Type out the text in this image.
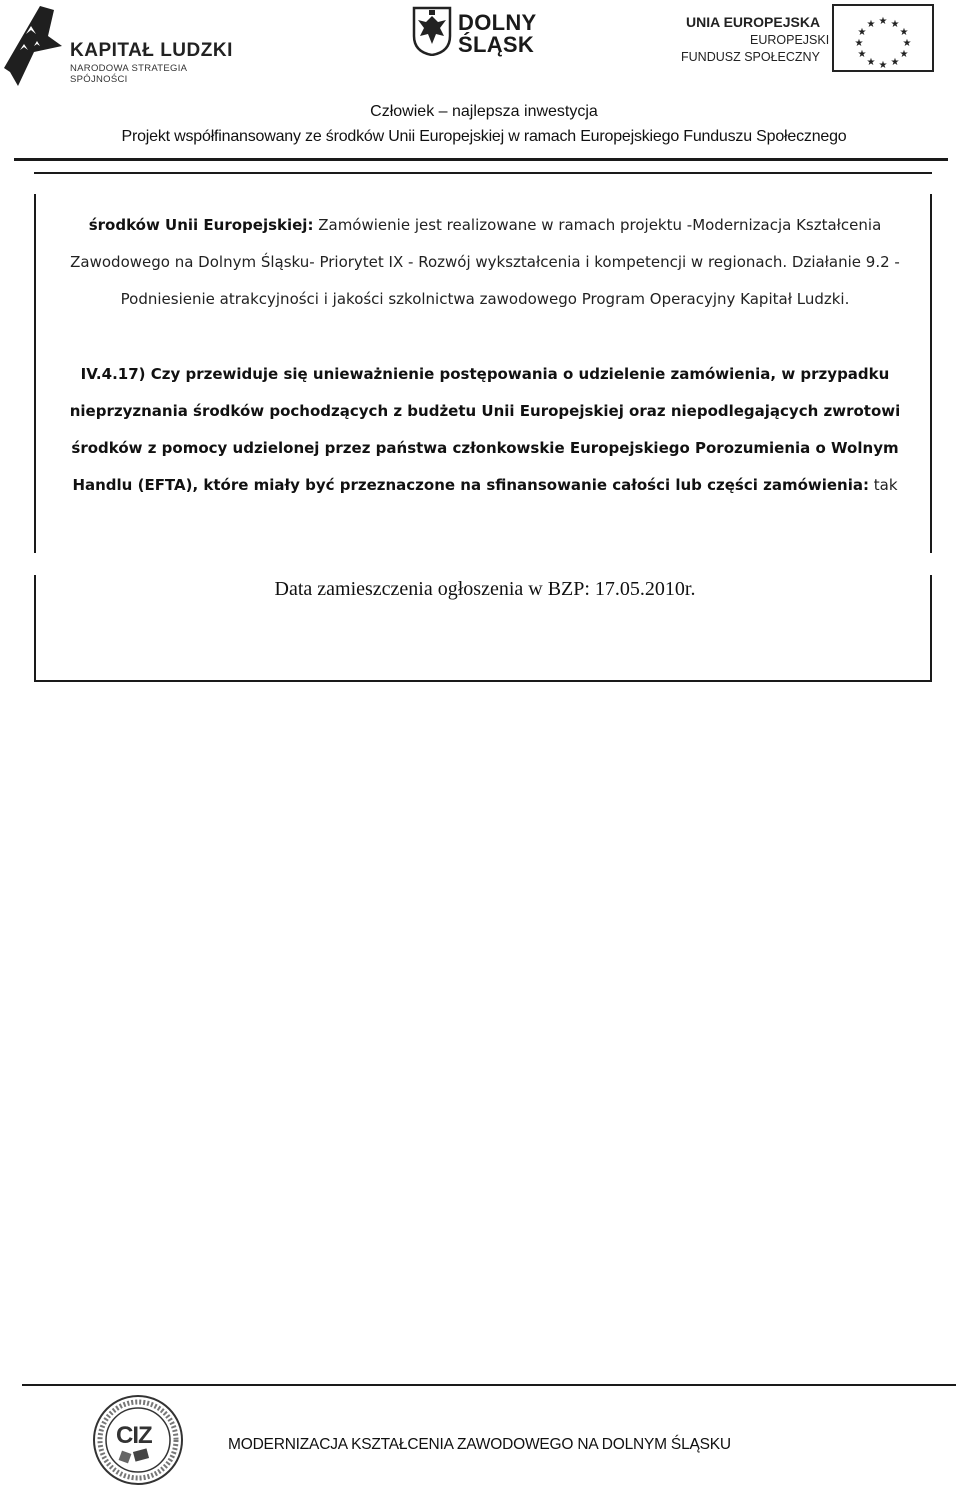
KAPITAŁ LUDZKI
NARODOWA STRATEGIA SPÓJNOŚCI
DOLNY
ŚLĄSK
UNIA EUROPEJSKA
EUROPEJSKI
FUNDUSZ SPOŁECZNY
★ ★
★
★
★
★
★
★
★
★
★
★
Człowiek – najlepsza inwestycja
Projekt współfinansowany ze środków Unii Europejskiej w ramach Europejskiego Funduszu Społecznego
środków Unii Europejskiej: Zamówienie jest realizowane w ramach projektu -Modernizacja Kształcenia Zawodowego na Dolnym Śląsku- Priorytet IX - Rozwój wykształcenia i kompetencji w regionach. Działanie 9.2 - Podniesienie atrakcyjności i jakości szkolnictwa zawodowego Program Operacyjny Kapitał Ludzki.
IV.4.17) Czy przewiduje się unieważnienie postępowania o udzielenie zamówienia, w przypadku nieprzyznania środków pochodzących z budżetu Unii Europejskiej oraz niepodlegających zwrotowi środków z pomocy udzielonej przez państwa członkowskie Europejskiego Porozumienia o Wolnym Handlu (EFTA), które miały być przeznaczone na sfinansowanie całości lub części zamówienia: tak
Data zamieszczenia ogłoszenia w BZP: 17.05.2010r.
CIZ	MODERNIZACJA KSZTAŁCENIA ZAWODOWEGO NA DOLNYM ŚLĄSKU
